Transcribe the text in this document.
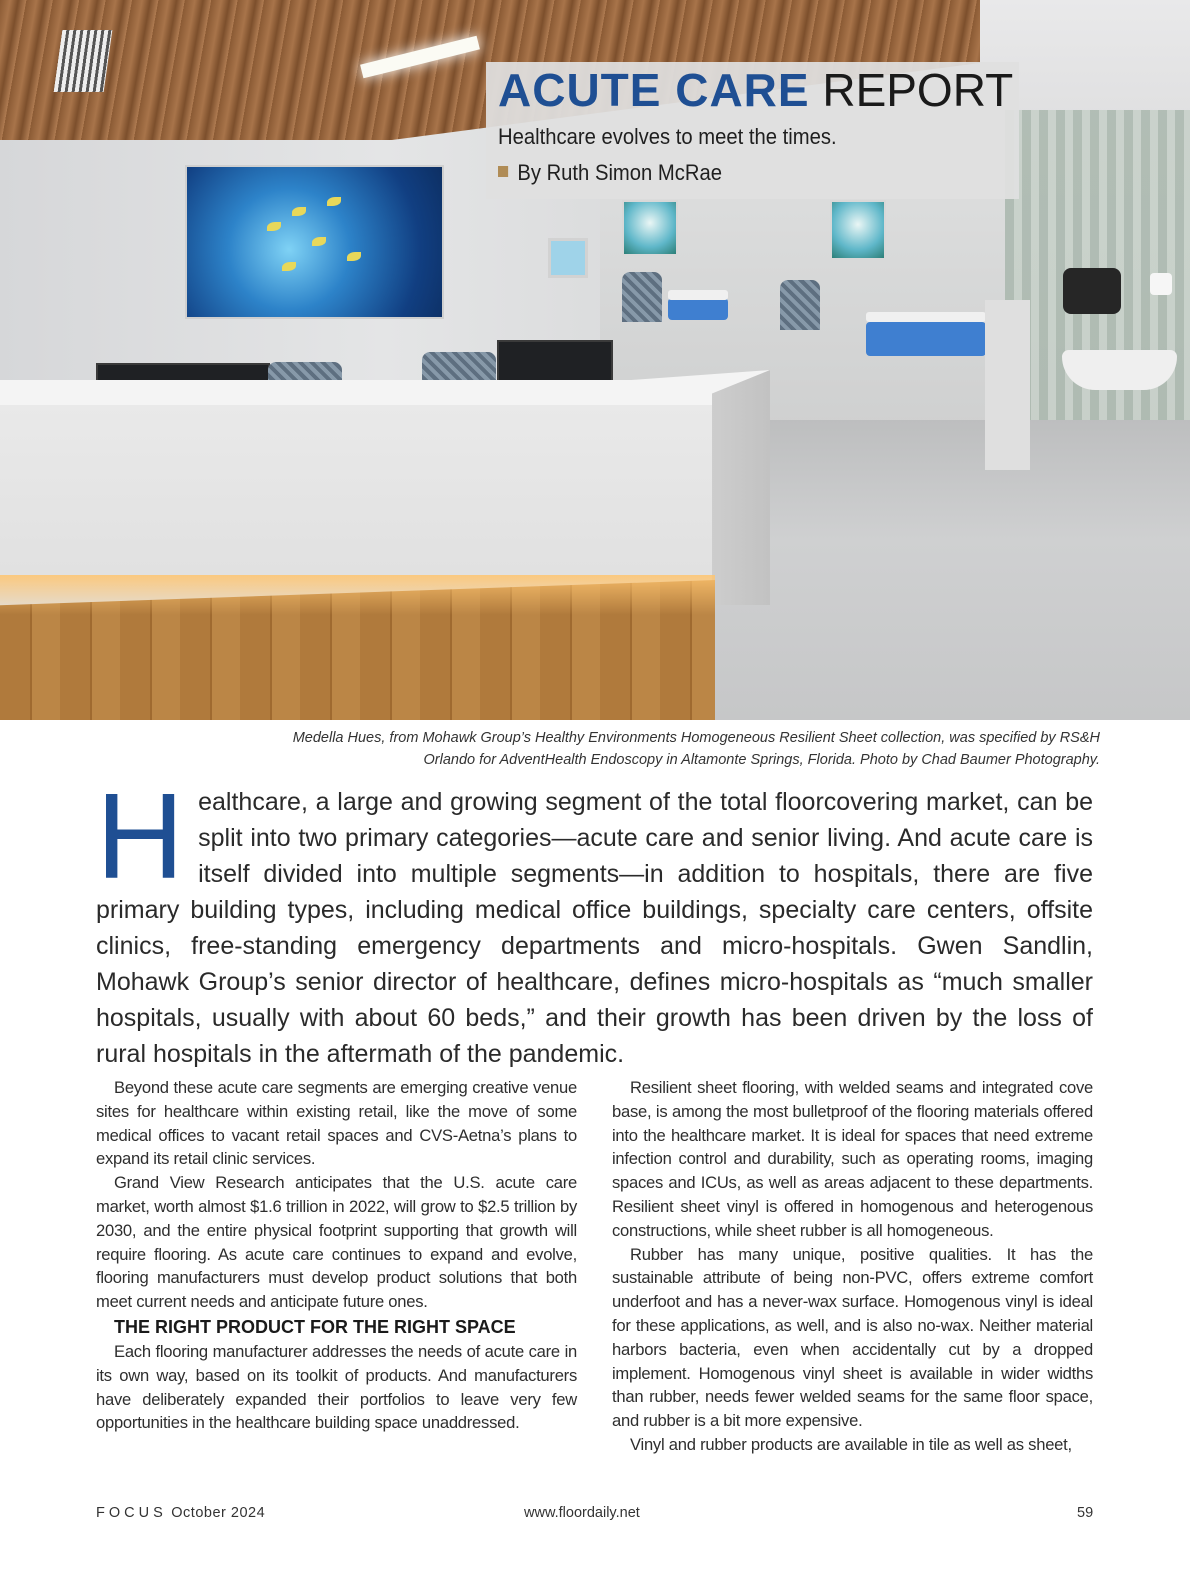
ACUTE CARE REPORT
Healthcare evolves to meet the times.
By Ruth Simon McRae
Medella Hues, from Mohawk Group’s Healthy Environments Homogeneous Resilient Sheet collection, was specified by RS&H Orlando for AdventHealth Endoscopy in Altamonte Springs, Florida. Photo by Chad Baumer Photography.
H ealthcare, a large and growing segment of the total floorcovering market, can be split into two primary categories—acute care and senior living. And acute care is itself divided into multiple segments—in addition to hospitals, there are five primary building types, including medical office buildings, specialty care centers, offsite clinics, free-standing emergency departments and micro-hospitals. Gwen Sandlin, Mohawk Group’s senior director of healthcare, defines micro-hospitals as “much smaller hospitals, usually with about 60 beds,” and their growth has been driven by the loss of rural hospitals in the aftermath of the pandemic.

Beyond these acute care segments are emerging creative venue sites for healthcare within existing retail, like the move of some medical offices to vacant retail spaces and CVS-Aetna’s plans to expand its retail clinic services.

Grand View Research anticipates that the U.S. acute care market, worth almost $1.6 trillion in 2022, will grow to $2.5 trillion by 2030, and the entire physical footprint supporting that growth will require flooring. As acute care continues to expand and evolve, flooring manufacturers must develop product solutions that both meet current needs and anticipate future ones.

THE RIGHT PRODUCT FOR THE RIGHT SPACE

Each flooring manufacturer addresses the needs of acute care in its own way, based on its toolkit of products. And manufacturers have deliberately expanded their portfolios to leave very few opportunities in the healthcare building space unaddressed.

Resilient sheet flooring, with welded seams and integrated cove base, is among the most bulletproof of the flooring materials offered into the healthcare market. It is ideal for spaces that need extreme infection control and durability, such as operating rooms, imaging spaces and ICUs, as well as areas adjacent to these departments. Resilient sheet vinyl is offered in homogenous and heterogenous constructions, while sheet rubber is all homogeneous.

Rubber has many unique, positive qualities. It has the sustainable attribute of being non-PVC, offers extreme comfort underfoot and has a never-wax surface. Homogenous vinyl is ideal for these applications, as well, and is also no-wax. Neither material harbors bacteria, even when accidentally cut by a dropped implement. Homogenous vinyl sheet is available in wider widths than rubber, needs fewer welded seams for the same floor space, and rubber is a bit more expensive.

Vinyl and rubber products are available in tile as well as sheet,

FOCUS October 2024	www.floordaily.net	59
